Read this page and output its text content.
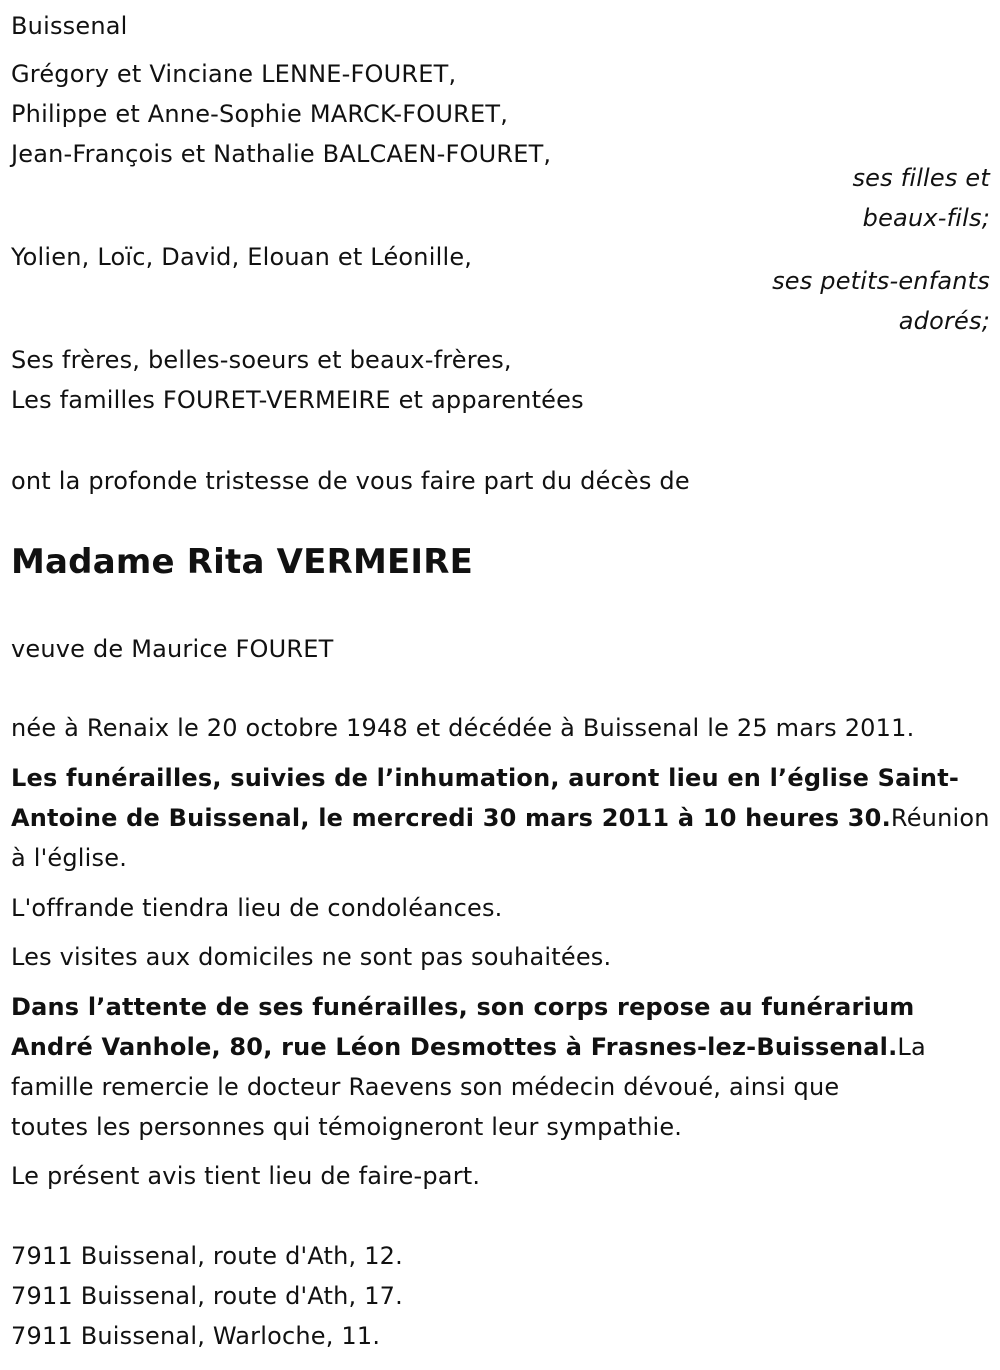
Buissenal
Grégory et Vinciane LENNE-FOURET,
Philippe et Anne-Sophie MARCK-FOURET,
Jean-François et Nathalie BALCAEN-FOURET,
ses filles et
beaux-fils;
Yolien, Loïc, David, Elouan et Léonille,
ses petits-enfants
adorés;
Ses frères, belles-soeurs et beaux-frères,
Les familles FOURET-VERMEIRE et apparentées
ont la profonde tristesse de vous faire part du décès de
Madame Rita VERMEIRE
veuve de Maurice FOURET
née à Renaix le 20 octobre 1948 et décédée à Buissenal le 25 mars 2011.
Les funérailles, suivies de l’inhumation, auront lieu en l’église Saint-
Antoine de Buissenal, le mercredi 30 mars 2011 à 10 heures 30.Réunion
à l'église.
L'offrande tiendra lieu de condoléances.
Les visites aux domiciles ne sont pas souhaitées.
Dans l’attente de ses funérailles, son corps repose au funérarium
André Vanhole, 80, rue Léon Desmottes à Frasnes-lez-Buissenal.La
famille remercie le docteur Raevens son médecin dévoué, ainsi que
toutes les personnes qui témoigneront leur sympathie.
Le présent avis tient lieu de faire-part.
7911 Buissenal, route d'Ath, 12.
7911 Buissenal, route d'Ath, 17.
7911 Buissenal, Warloche, 11.
